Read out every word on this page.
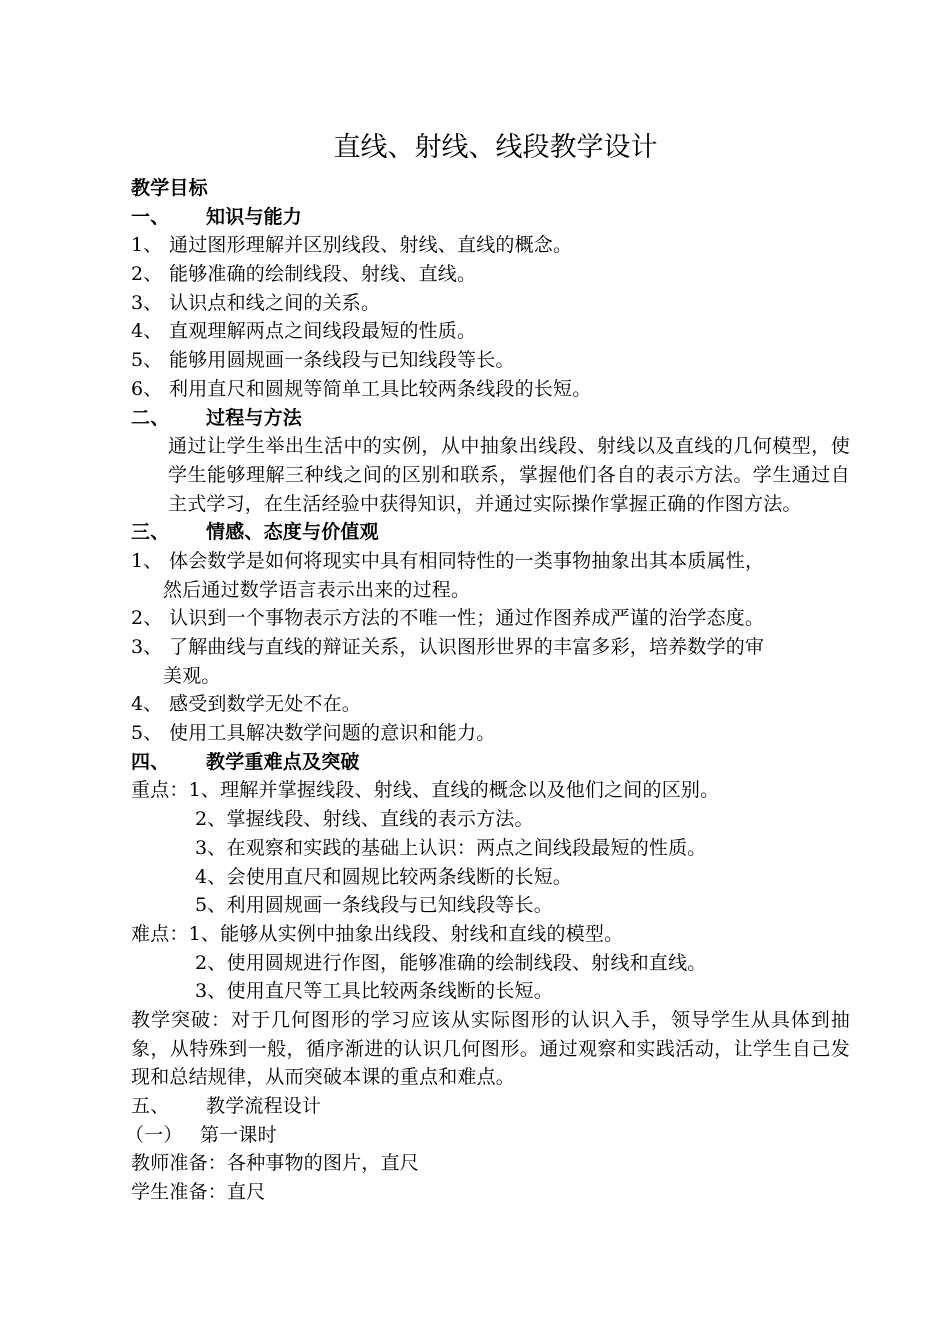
直线、射线、线段教学设计
教学目标
一、 知识与能力
1、 通过图形理解并区别线段、射线、直线的概念。
2、 能够准确的绘制线段、射线、直线。
3、 认识点和线之间的关系。
4、 直观理解两点之间线段最短的性质。
5、 能够用圆规画一条线段与已知线段等长。
6、 利用直尺和圆规等简单工具比较两条线段的长短。
二、 过程与方法
通过让学生举出生活中的实例，从中抽象出线段、射线以及直线的几何模型，使学生能够理解三种线之间的区别和联系，掌握他们各自的表示方法。学生通过自主式学习，在生活经验中获得知识，并通过实际操作掌握正确的作图方法。
三、 情感、态度与价值观
1、 体会数学是如何将现实中具有相同特性的一类事物抽象出其本质属性，
然后通过数学语言表示出来的过程。
2、 认识到一个事物表示方法的不唯一性；通过作图养成严谨的治学态度。
3、 了解曲线与直线的辩证关系，认识图形世界的丰富多彩，培养数学的审
美观。
4、 感受到数学无处不在。
5、 使用工具解决数学问题的意识和能力。
四、 教学重难点及突破
重点：1、理解并掌握线段、射线、直线的概念以及他们之间的区别。
2、掌握线段、射线、直线的表示方法。
3、在观察和实践的基础上认识：两点之间线段最短的性质。
4、会使用直尺和圆规比较两条线断的长短。
5、利用圆规画一条线段与已知线段等长。
难点：1、能够从实例中抽象出线段、射线和直线的模型。
2、使用圆规进行作图，能够准确的绘制线段、射线和直线。
3、使用直尺等工具比较两条线断的长短。
教学突破：对于几何图形的学习应该从实际图形的认识入手，领导学生从具体到抽象，从特殊到一般，循序渐进的认识几何图形。通过观察和实践活动，让学生自己发现和总结规律，从而突破本课的重点和难点。
五、 教学流程设计
（一） 第一课时
教师准备：各种事物的图片，直尺
学生准备：直尺
